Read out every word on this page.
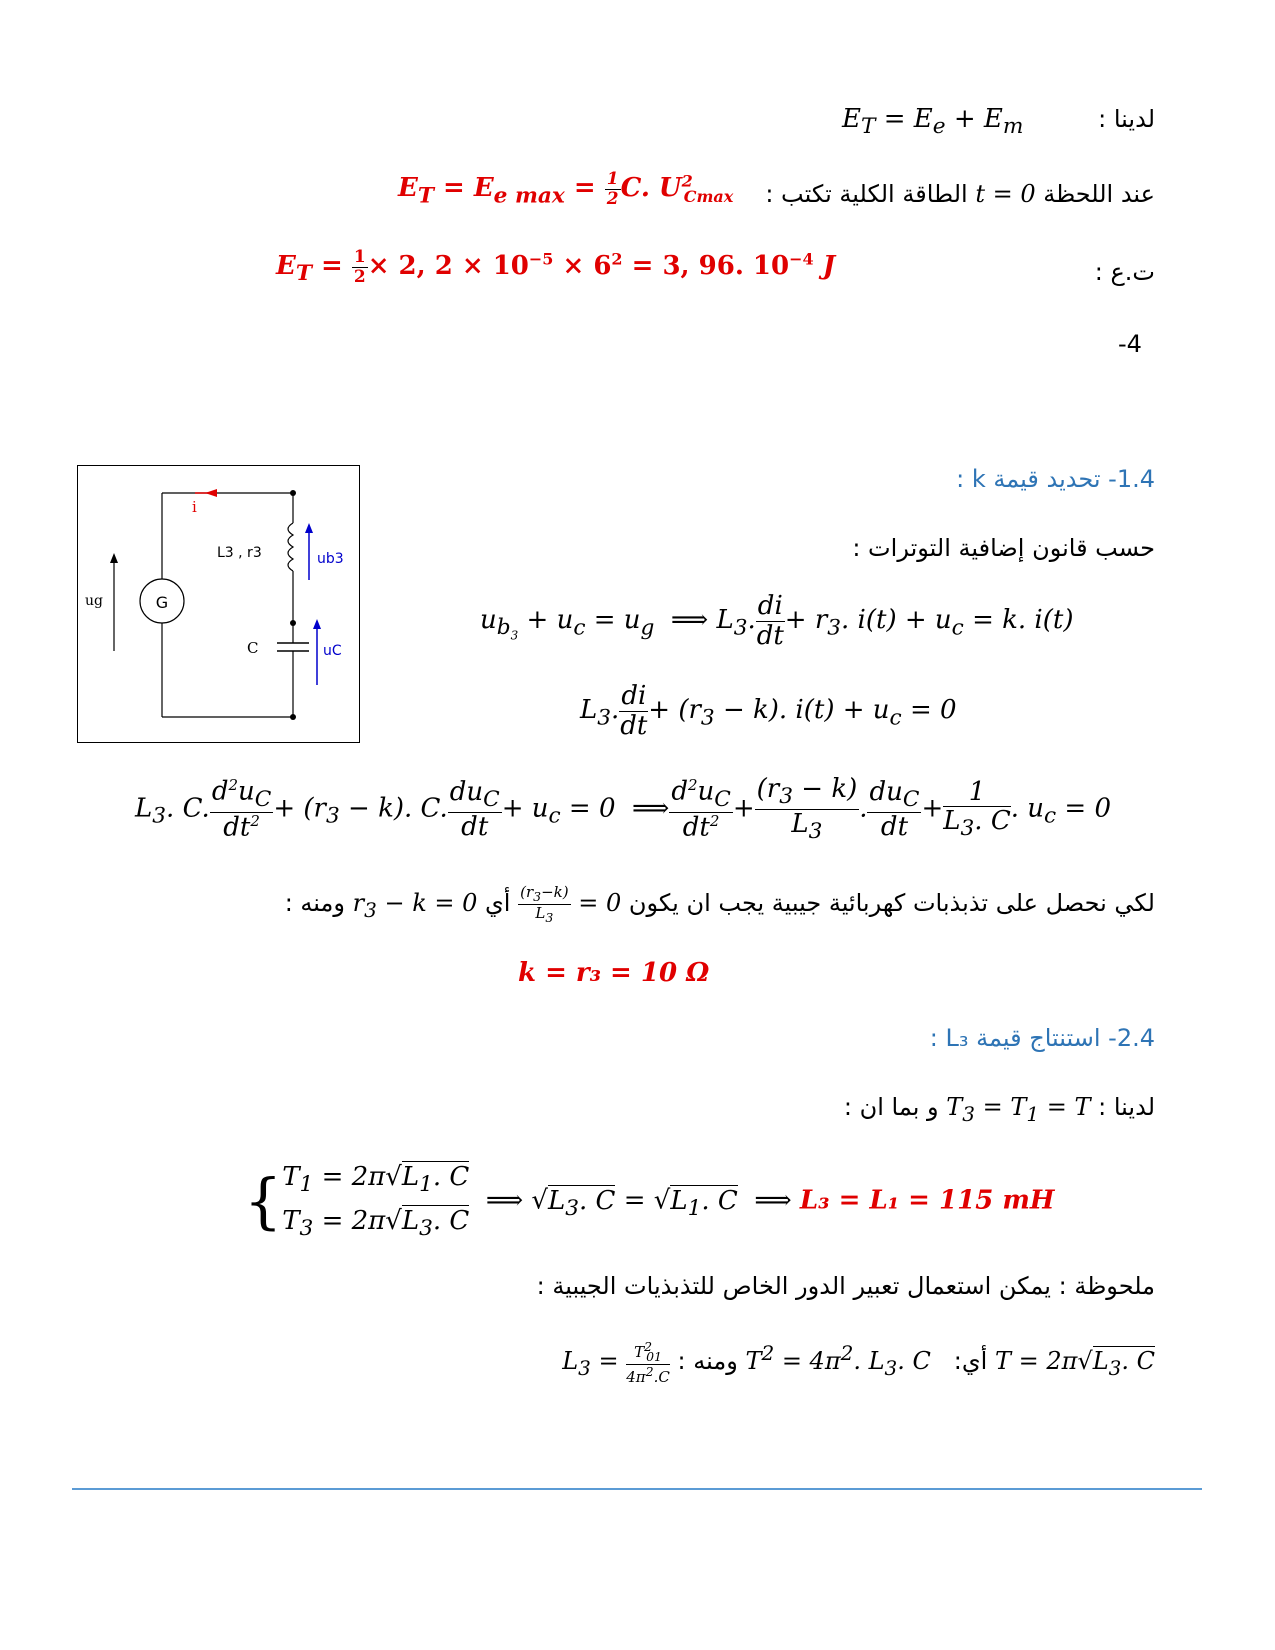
لدينا :
$E_T = E_e + E_m$
عند اللحظة t = 0 الطاقة الكلية تكتب :
$E_T = E_{e max} = \frac{1}{2} C$. $U^2_{Cmax}$
ت.ع :
$E_T = \frac{1}{2} \times 2$, $2 \times 10^{-5} \times 6^2 = 3$, 96. $10^{-4}$ J
-4
G
i
ug
L3 , r3	ub3
uC
C
1.4- تحديد قيمة k :
حسب قانون إضافية التوترات :
$u_{b_3} + u_c = u_g$  ⟹ $L_3$. $\frac{di}{dt} + r_3$. $i(t) + u_c = k$. i(t)
$L_3$. $\frac{di}{dt} + (r_3 - k)$. $i(t) + u_c = 0$
$L_3$. C. $\frac{d^2u_C}{dt^2} + (r_3 - k)$. C. $\frac{du_C}{dt} + u_c = 0$  ⟹ $\frac{d^2u_C}{dt^2} + \frac{(r_3 - k)}{L_3}$ . $\frac{du_C}{dt} + \frac{1}{L_3. C}$ . $u_c = 0$
لكي نحصل على تذبذبات كهربائية جيبية يجب ان يكون
$\frac{(r_3-k)}{L_3} = 0$ أي $r_3 - k = 0$ ومنه :
k = r₃ = 10 Ω
2.4- استنتاج قيمة L₃ :
لدينا : $T_3 = T_1 = T$ و بما ان :
{$T_1 = 2\pi√L_1$. C
$T_3 = 2\pi√L_3$. C  ⟹ $√L_3$. $C = √L_1$. C  ⟹ L₃ = L₁ = 115 mH
ملحوظة : يمكن استعمال تعبير الدور الخاص للتذبذيات الجيبية :
$T = 2\pi√L_3$. C أي:   $T^2 = 4\pi^2$. $L_3$. C ومنه : $L_3 = \frac{T^2_{01}}{4\pi^2.C}$
